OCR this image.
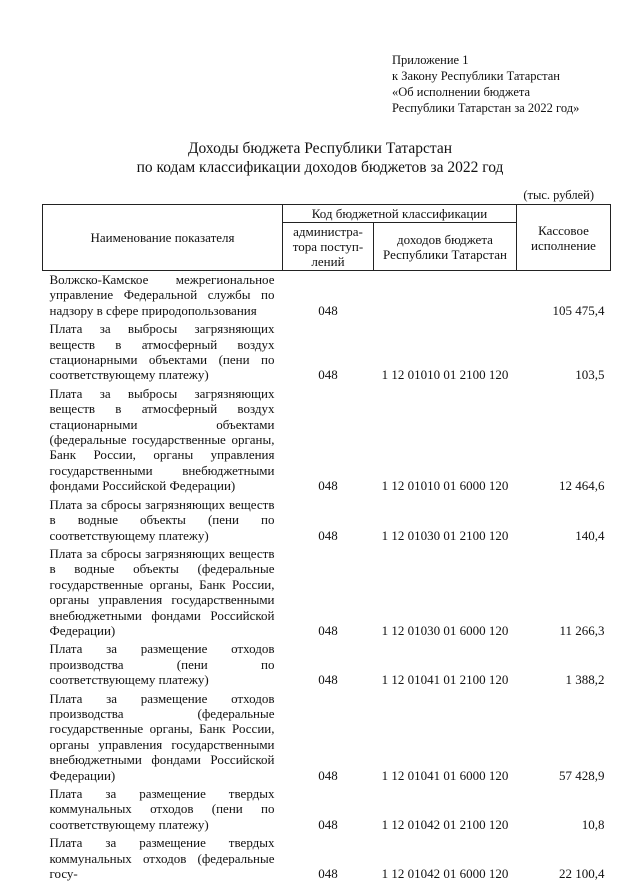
Приложение 1
к Закону Республики Татарстан
«Об исполнении бюджета
Республики Татарстан за 2022 год»
Доходы бюджета Республики Татарстан
по кодам классификации доходов бюджетов за 2022 год
(тыс. рублей)
Наименование показателя	Код бюджетной классификации		Кассовое исполнение
	администра-тора поступ-лений	доходов бюджета Республики Татарстан	
Волжско-Камское межрегиональное управление Федеральной службы по надзору в сфере природопользования	048		105 475,4
Плата за выбросы загрязняющих веществ в атмосферный воздух стационарными объектами (пени по соответствующему платежу)	048	1 12 01010 01 2100 120	103,5
Плата за выбросы загрязняющих веществ в атмосферный воздух стационарными объектами (федеральные государственные органы, Банк России, органы управления государственными внебюджетными фондами Российской Федерации)	048	1 12 01010 01 6000 120	12 464,6
Плата за сбросы загрязняющих веществ в водные объекты (пени по соответствующему платежу)	048	1 12 01030 01 2100 120	140,4
Плата за сбросы загрязняющих веществ в водные объекты (федеральные государственные органы, Банк России, органы управления государственными внебюджетными фондами Российской Федерации)	048	1 12 01030 01 6000 120	11 266,3
Плата за размещение отходов производства (пени по соответствующему платежу)	048	1 12 01041 01 2100 120	1 388,2
Плата за размещение отходов производства (федеральные государственные органы, Банк России, органы управления государственными внебюджетными фондами Российской Федерации)	048	1 12 01041 01 6000 120	57 428,9
Плата за размещение твердых коммунальных отходов (пени по соответствующему платежу)	048	1 12 01042 01 2100 120	10,8
Плата за размещение твердых коммунальных отходов (федеральные госу-	048	1 12 01042 01 6000 120	22 100,4
